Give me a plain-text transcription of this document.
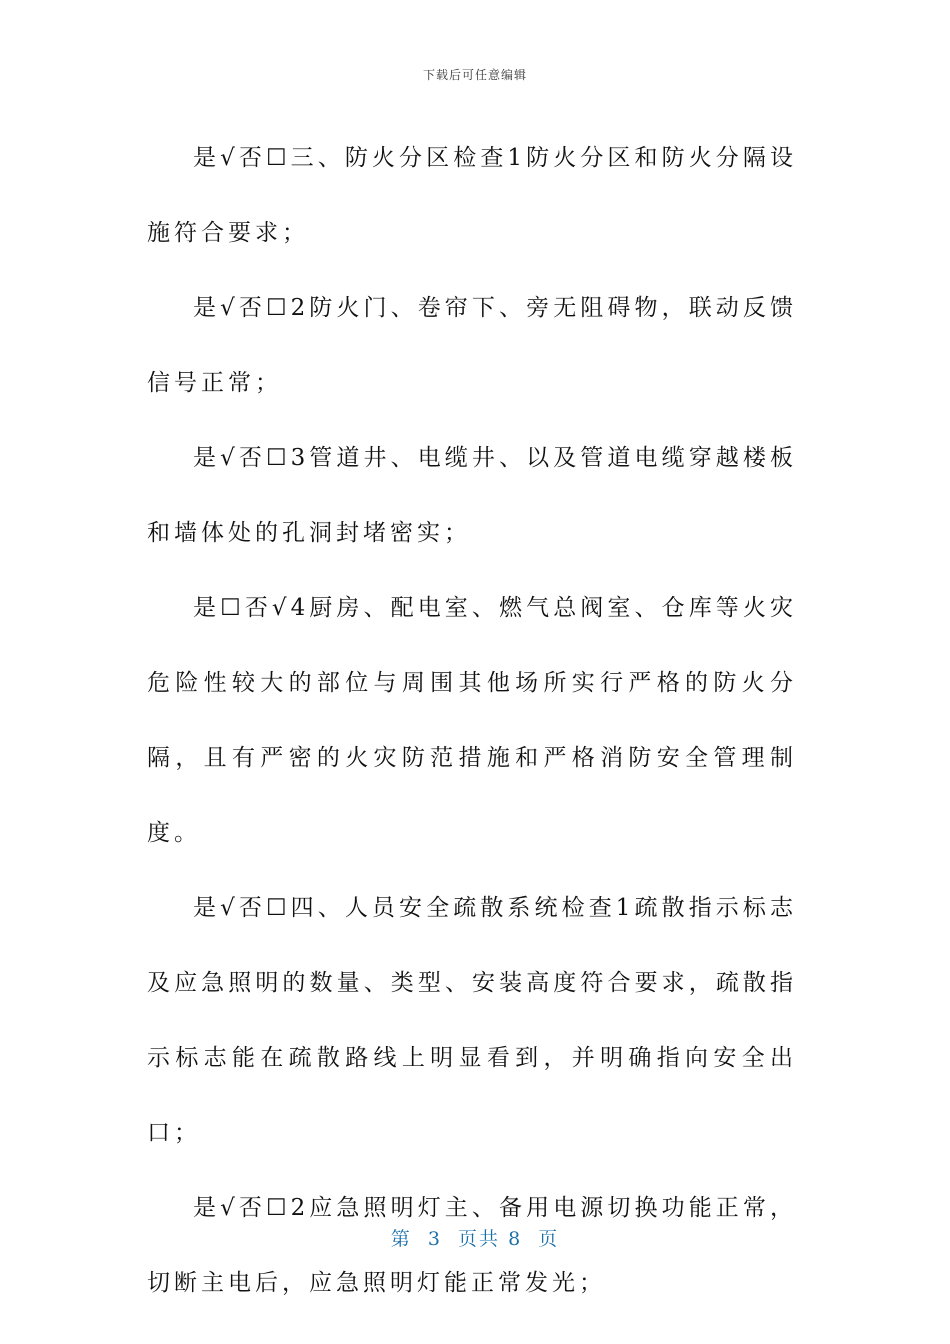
下载后可任意编辑

是√否☐三、防火分区检查1防火分区和防火分隔设施符合要求；

是√否☐2防火门、卷帘下、旁无阻碍物，联动反馈信号正常；

是√否☐3管道井、电缆井、以及管道电缆穿越楼板和墙体处的孔洞封堵密实；

是☐否√4厨房、配电室、燃气总阀室、仓库等火灾危险性较大的部位与周围其他场所实行严格的防火分隔，且有严密的火灾防范措施和严格消防安全管理制度。

是√否☐四、人员安全疏散系统检查1疏散指示标志及应急照明的数量、类型、安装高度符合要求，疏散指示标志能在疏散路线上明显看到，并明确指向安全出口；

是√否☐2应急照明灯主、备用电源切换功能正常，切断主电后，应急照明灯能正常发光；

第 3 页共 8 页
